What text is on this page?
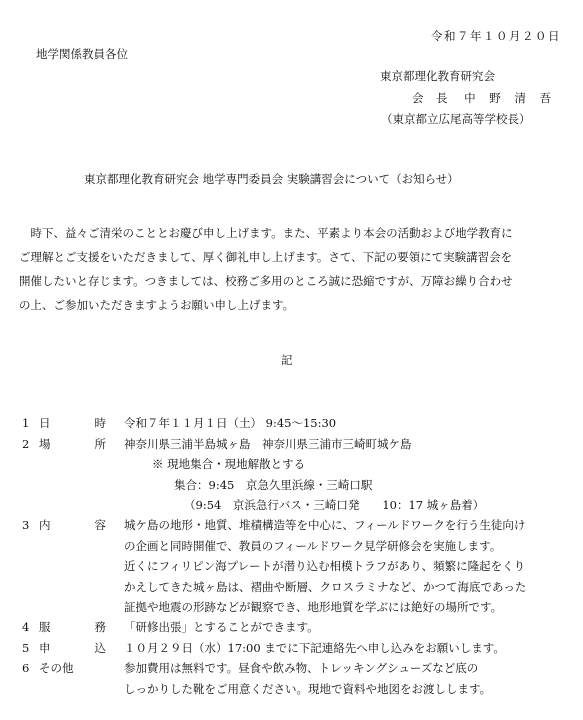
令和７年１０月２０日
地学関係教員各位
東京都理化教育研究会
会　長 中 野 清 吾
（東京都立広尾高等学校長）
東京都理化教育研究会 地学専門委員会 実験講習会について（お知らせ）

　時下、益々ご清栄のこととお慶び申し上げます。また、平素より本会の活動および地学教育に

ご理解とご支援をいただきまして、厚く御礼申し上げます。さて、下記の要領にて実験講習会を

開催したいと存じます。つきましては、校務ご多用のところ誠に恐縮ですが、万障お繰り合わせ

の上、ご参加いただきますようお願い申し上げます。

記
1 日	時 令和７年１１月１日（土） 9:45〜15:30
2 場	所 神奈川県三浦半島城ヶ島　神奈川県三浦市三崎町城ケ島
※ 現地集合・現地解散とする
集合：9:45　京急久里浜線・三崎口駅
（9:54　京浜急行バス・三崎口発　　10：17 城ヶ島着）
3 内	容 城ケ島の地形・地質、堆積構造等を中心に、フィールドワークを行う生徒向け
の企画と同時開催で、教員のフィールドワーク見学研修会を実施します。
近くにフィリピン海プレートが潜り込む相模トラフがあり、頻繁に隆起をくり
かえしてきた城ヶ島は、褶曲や断層、クロスラミナなど、かつて海底であった
証拠や地震の形跡などが観察でき、地形地質を学ぶには絶好の場所です。
4 服	務 「研修出張」とすることができます。
5 申	込 １０月２９日（水）17:00 までに下記連絡先へ申し込みをお願いします。
6 その他	参加費用は無料です。昼食や飲み物、トレッキングシューズなど底の
しっかりした靴をご用意ください。現地で資料や地図をお渡しします。
